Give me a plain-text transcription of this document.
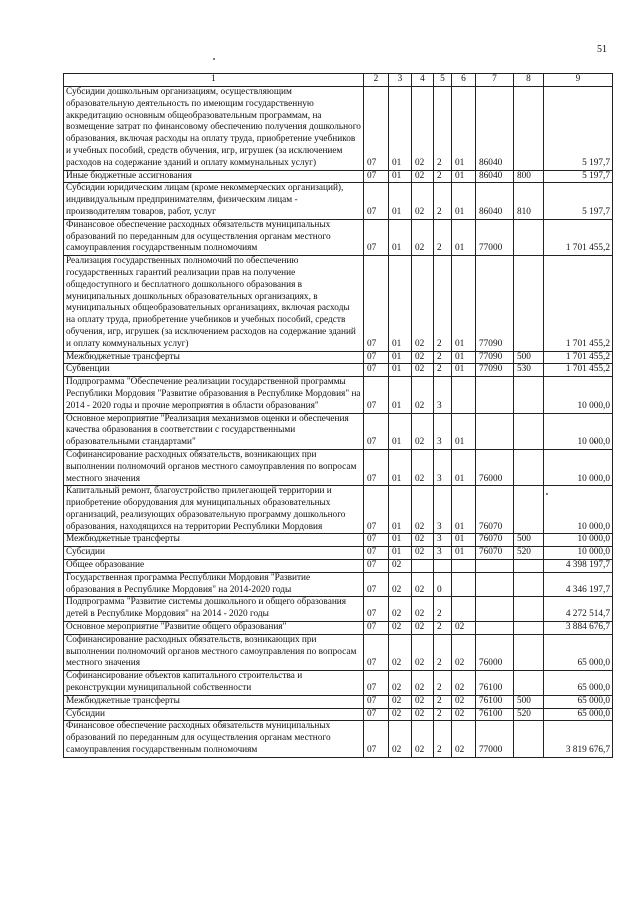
51
1	2	3	4	5	6	7	8	9
Субсидии дошкольным организациям, осуществляющим образовательную деятельность по имеющим государственную аккредитацию основным общеобразовательным программам, на возмещение затрат по финансовому обеспечению получения дошкольного образования, включая расходы на оплату труда, приобретение учебников и учебных пособий, средств обучения, игр, игрушек (за исключением расходов на содержание зданий и оплату коммунальных услуг)	07	01	02	2	01	86040		5 197,7
Иные бюджетные ассигнования	07	01	02	2	01	86040	800	5 197,7
Субсидии юридическим лицам (кроме некоммерческих организаций), индивидуальным предпринимателям, физическим лицам - производителям товаров, работ, услуг	07	01	02	2	01	86040	810	5 197,7
Финансовое обеспечение расходных обязательств муниципальных образований по переданным для осуществления органам местного самоуправления государственным полномочиям	07	01	02	2	01	77000		1 701 455,2
Реализация государственных полномочий по обеспечению государственных гарантий реализации прав на получение общедоступного и бесплатного дошкольного образования в муниципальных дошкольных образовательных организациях, в муниципальных общеобразовательных организациях, включая расходы на оплату труда, приобретение учебников и учебных пособий, средств обучения, игр, игрушек (за исключением расходов на содержание зданий и оплату коммунальных услуг)	07	01	02	2	01	77090		1 701 455,2
Межбюджетные трансферты	07	01	02	2	01	77090	500	1 701 455,2
Субвенции	07	01	02	2	01	77090	530	1 701 455,2
Подпрограмма "Обеспечение реализации государственной программы Республики Мордовия "Развитие образования в Республике Мордовия" на 2014 - 2020 годы и прочие мероприятия в области образования"	07	01	02	3				10 000,0
Основное мероприятие "Реализация механизмов оценки и обеспечения качества образования в соответствии с государственными образовательными стандартами"	07	01	02	3	01			10 000,0
Софинансирование расходных обязательств, возникающих при выполнении полномочий органов местного самоуправления по вопросам местного значения	07	01	02	3	01	76000		10 000,0
Капитальный ремонт, благоустройство прилегающей территории и приобретение оборудования для муниципальных образовательных организаций, реализующих образовательную программу дошкольного образования, находящихся на территории Республики Мордовия	07	01	02	3	01	76070		10 000,0
Межбюджетные трансферты	07	01	02	3	01	76070	500	10 000,0
Субсидии	07	01	02	3	01	76070	520	10 000,0
Общее образование	07	02						4 398 197,7
Государственная программа Республики Мордовия "Развитие образования в Республике Мордовия" на 2014-2020 годы	07	02	02	0				4 346 197,7
Подпрограмма "Развитие системы дошкольного и общего образования детей в Республике Мордовия" на 2014 - 2020 годы	07	02	02	2				4 272 514,7
Основное мероприятие "Развитие общего образования"	07	02	02	2	02			3 884 676,7
Софинансирование расходных обязательств, возникающих при выполнении полномочий органов местного самоуправления по вопросам местного значения	07	02	02	2	02	76000		65 000,0
Софинансирование объектов капитального строительства и реконструкции муниципальной собственности	07	02	02	2	02	76100		65 000,0
Межбюджетные трансферты	07	02	02	2	02	76100	500	65 000,0
Субсидии	07	02	02	2	02	76100	520	65 000,0
Финансовое обеспечение расходных обязательств муниципальных образований по переданным для осуществления органам местного самоуправления государственным полномочиям	07	02	02	2	02	77000		3 819 676,7
